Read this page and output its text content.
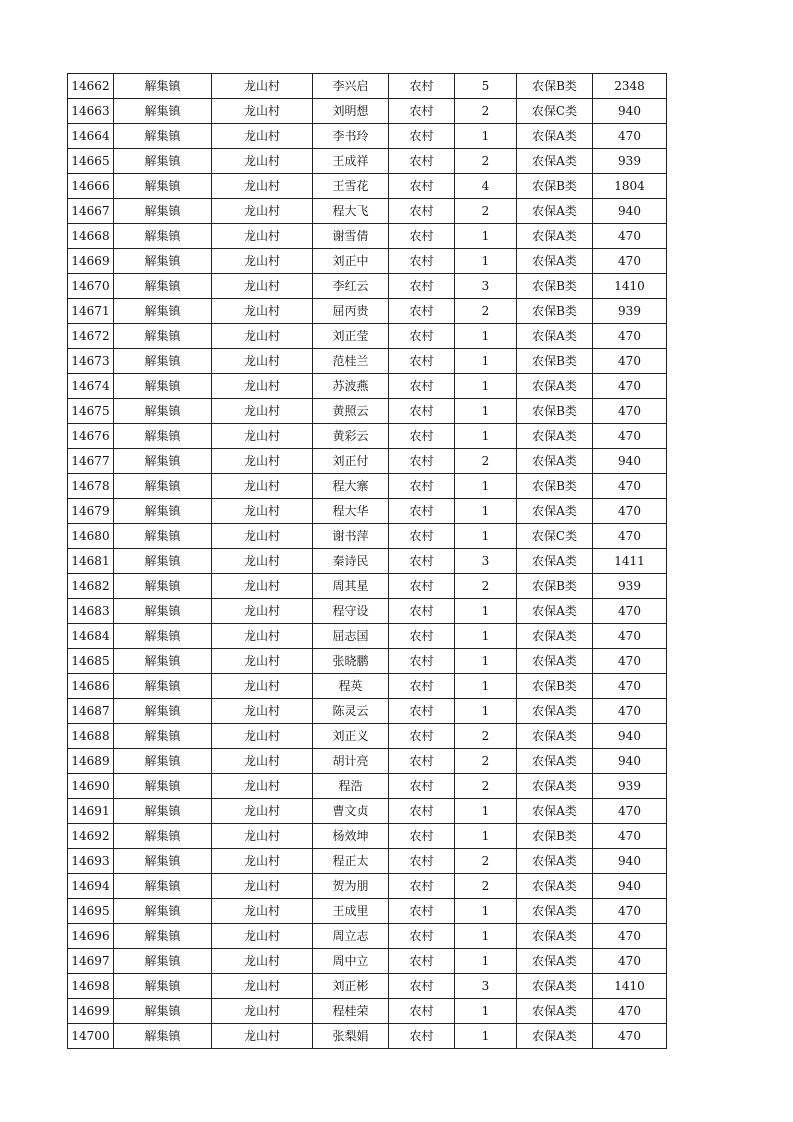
14662	解集镇	龙山村	李兴启	农村	5	农保B类	2348
14663	解集镇	龙山村	刘明想	农村	2	农保C类	940
14664	解集镇	龙山村	李书玲	农村	1	农保A类	470
14665	解集镇	龙山村	王成祥	农村	2	农保A类	939
14666	解集镇	龙山村	王雪花	农村	4	农保B类	1804
14667	解集镇	龙山村	程大飞	农村	2	农保A类	940
14668	解集镇	龙山村	谢雪倩	农村	1	农保A类	470
14669	解集镇	龙山村	刘正中	农村	1	农保A类	470
14670	解集镇	龙山村	李红云	农村	3	农保B类	1410
14671	解集镇	龙山村	屈丙贵	农村	2	农保B类	939
14672	解集镇	龙山村	刘正莹	农村	1	农保A类	470
14673	解集镇	龙山村	范桂兰	农村	1	农保B类	470
14674	解集镇	龙山村	苏波燕	农村	1	农保A类	470
14675	解集镇	龙山村	黄照云	农村	1	农保B类	470
14676	解集镇	龙山村	黄彩云	农村	1	农保A类	470
14677	解集镇	龙山村	刘正付	农村	2	农保A类	940
14678	解集镇	龙山村	程大寨	农村	1	农保B类	470
14679	解集镇	龙山村	程大华	农村	1	农保A类	470
14680	解集镇	龙山村	谢书萍	农村	1	农保C类	470
14681	解集镇	龙山村	秦诗民	农村	3	农保A类	1411
14682	解集镇	龙山村	周其星	农村	2	农保B类	939
14683	解集镇	龙山村	程守设	农村	1	农保A类	470
14684	解集镇	龙山村	屈志国	农村	1	农保A类	470
14685	解集镇	龙山村	张晓鹏	农村	1	农保A类	470
14686	解集镇	龙山村	程英	农村	1	农保B类	470
14687	解集镇	龙山村	陈灵云	农村	1	农保A类	470
14688	解集镇	龙山村	刘正义	农村	2	农保A类	940
14689	解集镇	龙山村	胡计亮	农村	2	农保A类	940
14690	解集镇	龙山村	程浩	农村	2	农保A类	939
14691	解集镇	龙山村	曹文贞	农村	1	农保A类	470
14692	解集镇	龙山村	杨效坤	农村	1	农保B类	470
14693	解集镇	龙山村	程正太	农村	2	农保A类	940
14694	解集镇	龙山村	贺为朋	农村	2	农保A类	940
14695	解集镇	龙山村	王成里	农村	1	农保A类	470
14696	解集镇	龙山村	周立志	农村	1	农保A类	470
14697	解集镇	龙山村	周中立	农村	1	农保A类	470
14698	解集镇	龙山村	刘正彬	农村	3	农保A类	1410
14699	解集镇	龙山村	程桂荣	农村	1	农保A类	470
14700	解集镇	龙山村	张梨娟	农村	1	农保A类	470
